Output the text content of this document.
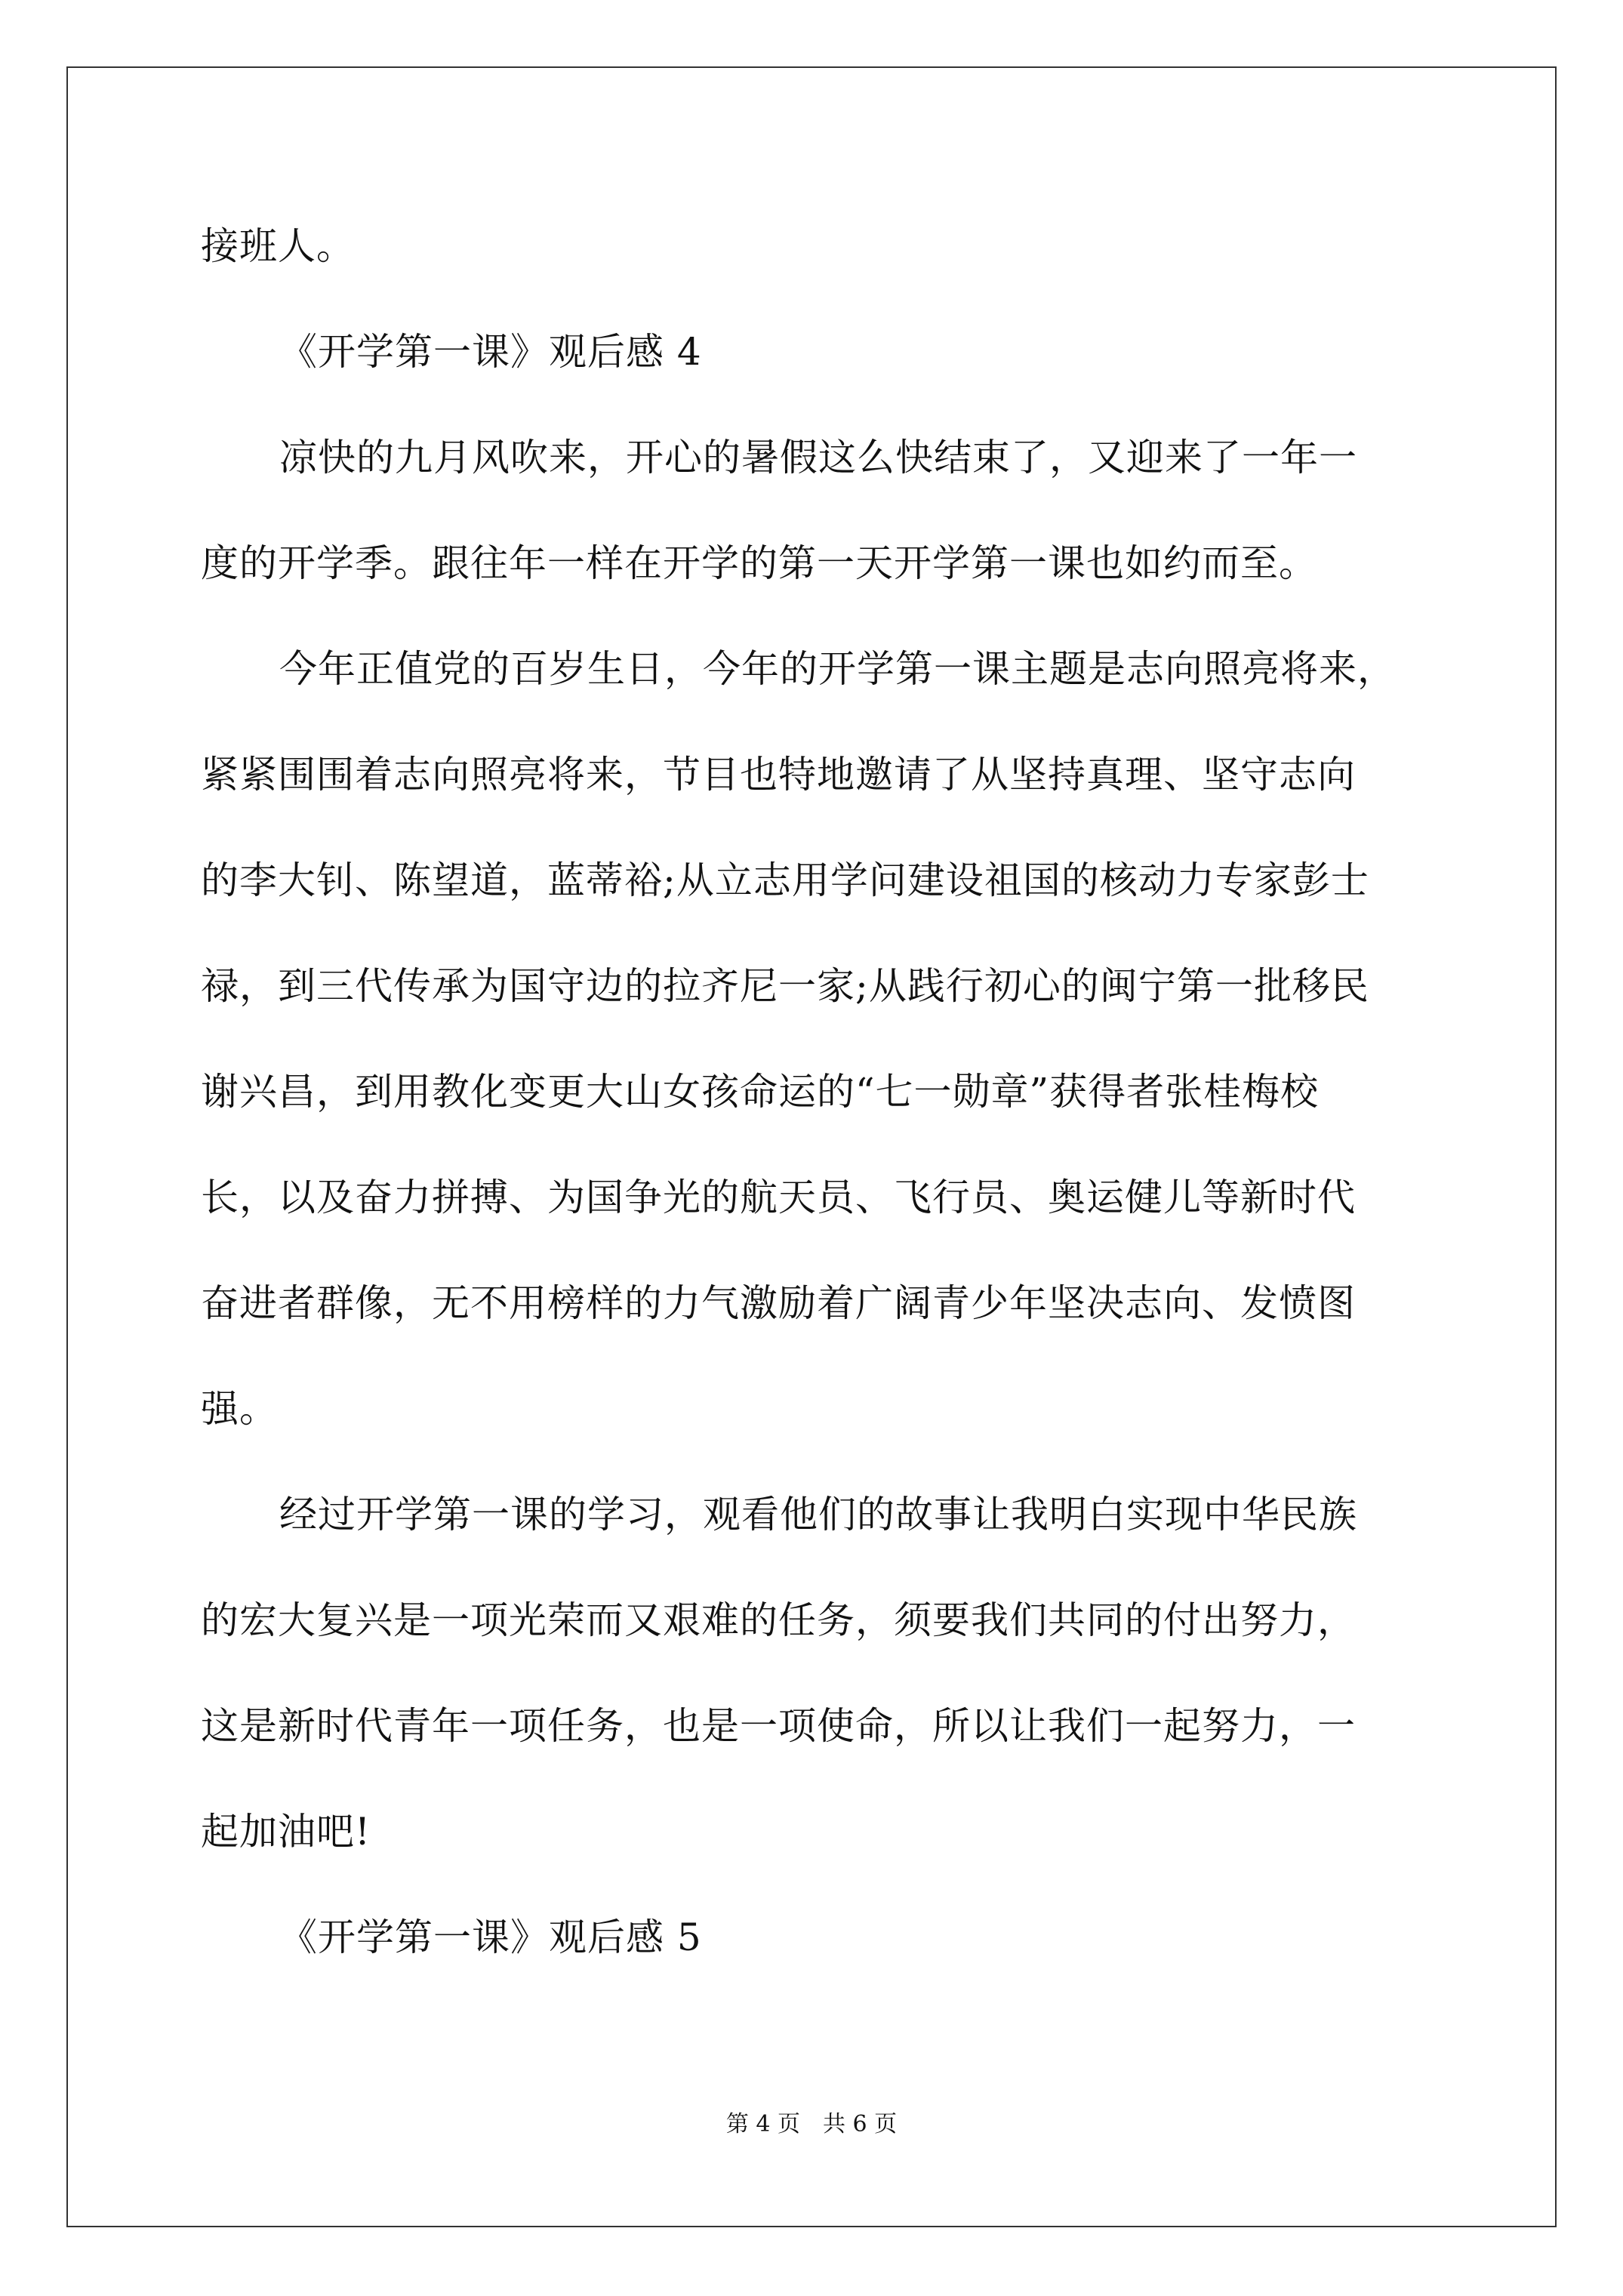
接班人。
《开学第一课》观后感 4
凉快的九月风吹来，开心的暑假这么快结束了，又迎来了一年一
度的开学季。跟往年一样在开学的第一天开学第一课也如约而至。
今年正值党的百岁生日，今年的开学第一课主题是志向照亮将来，
紧紧围围着志向照亮将来，节目也特地邀请了从坚持真理、坚守志向
的李大钊、陈望道，蓝蒂裕;从立志用学问建设祖国的核动力专家彭士
禄，到三代传承为国守边的拉齐尼一家;从践行初心的闽宁第一批移民
谢兴昌，到用教化变更大山女孩命运的“七一勋章”获得者张桂梅校
长，以及奋力拼搏、为国争光的航天员、飞行员、奥运健儿等新时代
奋进者群像，无不用榜样的力气激励着广阔青少年坚决志向、发愤图
强。
经过开学第一课的学习，观看他们的故事让我明白实现中华民族
的宏大复兴是一项光荣而又艰难的任务，须要我们共同的付出努力，
这是新时代青年一项任务，也是一项使命，所以让我们一起努力，一
起加油吧!
《开学第一课》观后感 5
第 4 页　共 6 页
